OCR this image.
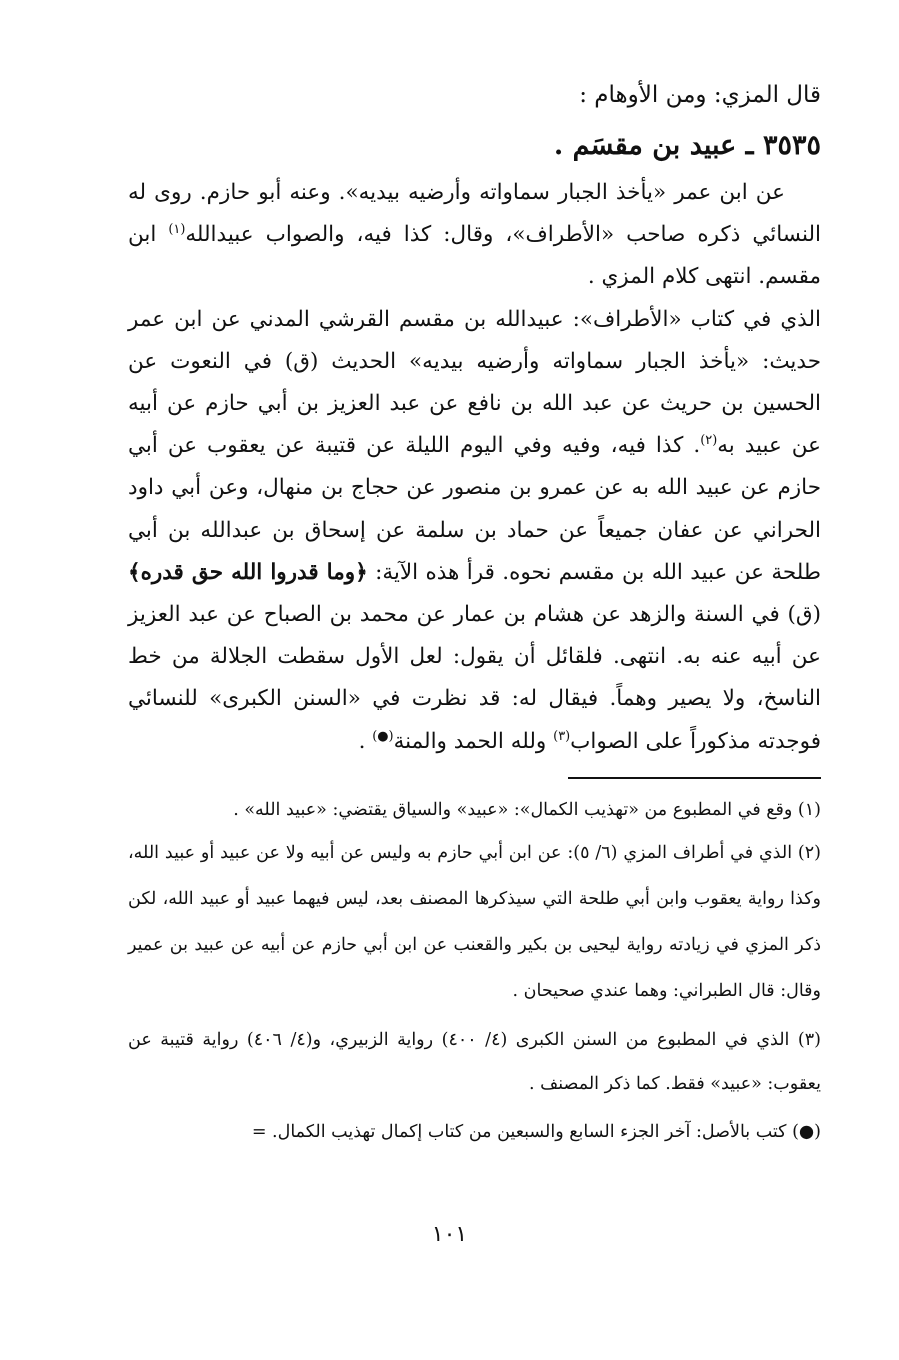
قال المزي: ومن الأوهام :

٣٥٣٥ ـ عبيد بن مقسَم .

عن ابن عمر «يأخذ الجبار سماواته وأرضيه بيديه». وعنه أبو حازم. روى له النسائي ذكره صاحب «الأطراف»، وقال: كذا فيه، والصواب عبيدالله$^{(١)}$ ابن مقسم. انتهى كلام المزي .

الذي في كتاب «الأطراف»: عبيدالله بن مقسم القرشي المدني عن ابن عمر حديث: «يأخذ الجبار سماواته وأرضيه بيديه» الحديث (ق) في النعوت عن الحسين بن حريث عن عبد الله بن نافع عن عبد العزيز بن أبي حازم عن أبيه عن عبيد به$^{(٢)}$. كذا فيه، وفيه وفي اليوم الليلة عن قتيبة عن يعقوب عن أبي حازم عن عبيد الله به عن عمرو بن منصور عن حجاج بن منهال، وعن أبي داود الحراني عن عفان جميعاً عن حماد بن سلمة عن إسحاق بن عبدالله بن أبي طلحة عن عبيد الله بن مقسم نحوه. قرأ هذه الآية: ﴿وما قدروا الله حق قدره﴾ (ق) في السنة والزهد عن هشام بن عمار عن محمد بن الصباح عن عبد العزيز عن أبيه عنه به. انتهى. فلقائل أن يقول: لعل الأول سقطت الجلالة من خط الناسخ، ولا يصير وهماً. فيقال له: قد نظرت في «السنن الكبرى» للنسائي فوجدته مذكوراً على الصواب$^{(٣)}$ ولله الحمد والمنة(●) .

(١) وقع في المطبوع من «تهذيب الكمال»: «عبيد» والسياق يقتضي: «عبيد الله» .

(٢) الذي في أطراف المزي (٦/ ٥): عن ابن أبي حازم به وليس عن أبيه ولا عن عبيد أو عبيد الله، وكذا رواية يعقوب وابن أبي طلحة التي سيذكرها المصنف بعد، ليس فيهما عبيد أو عبيد الله، لكن ذكر المزي في زيادته رواية ليحيى بن بكير والقعنب عن ابن أبي حازم عن أبيه عن عبيد بن عمير وقال: قال الطبراني: وهما عندي صحيحان .

(٣) الذي في المطبوع من السنن الكبرى (٤/ ٤٠٠) رواية الزبيري، و(٤/ ٤٠٦) رواية قتيبة عن يعقوب: «عبيد» فقط. كما ذكر المصنف .

(●) كتب بالأصل: آخر الجزء السابع والسبعين من كتاب إكمال تهذيب الكمال. =

١٠١
